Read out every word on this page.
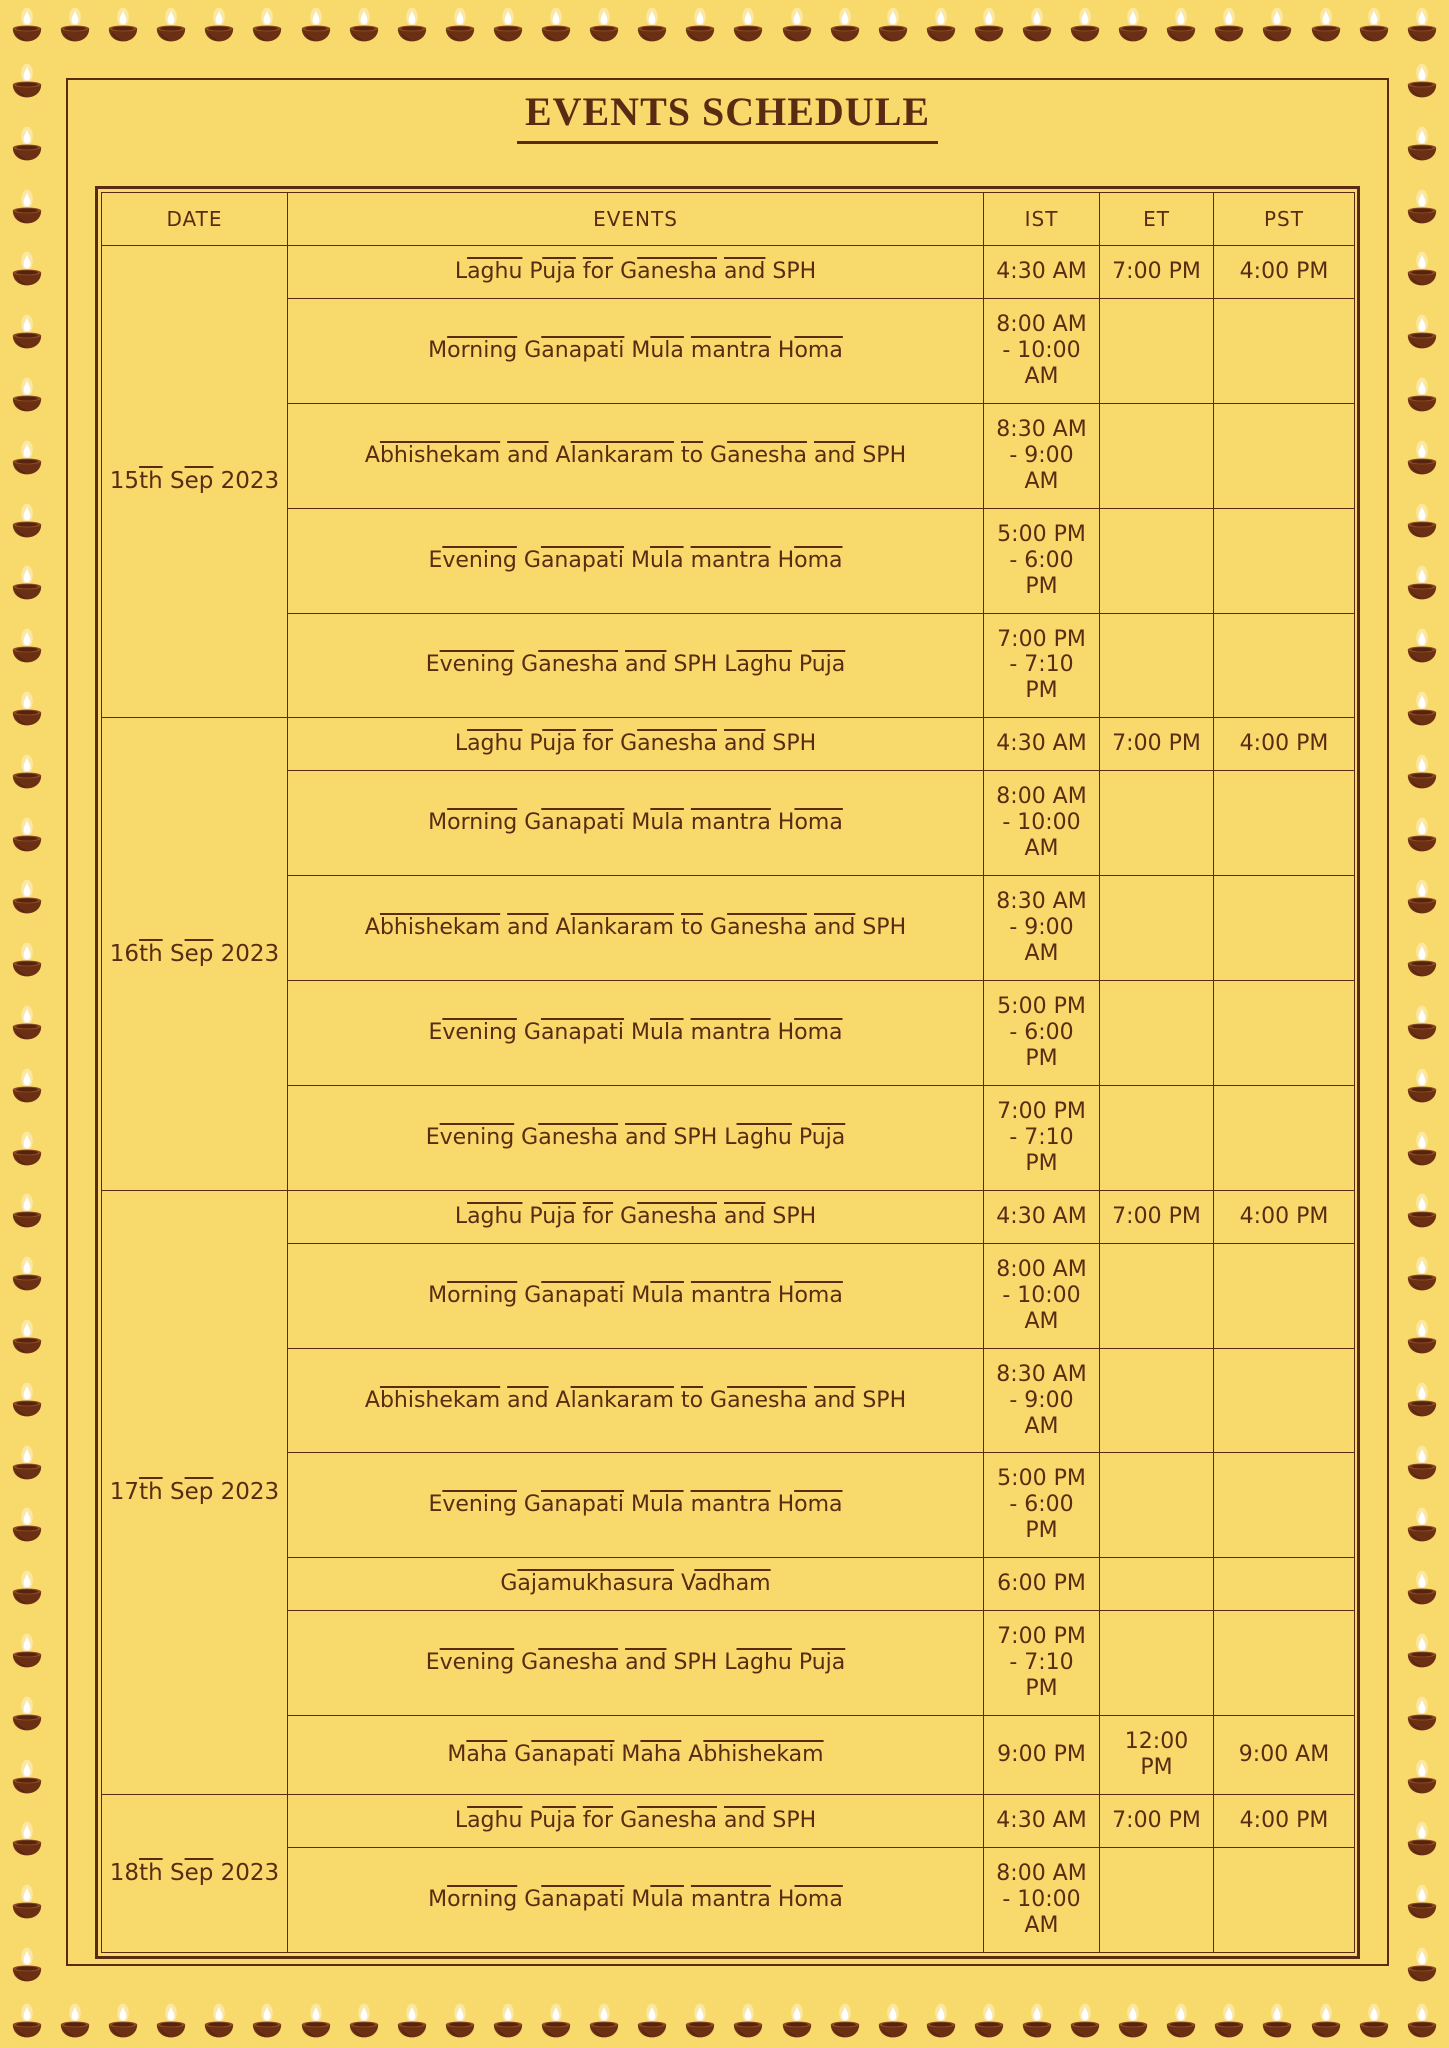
EVENTS SCHEDULE
DATE	EVENTS	IST	ET	PST
$15\overline{th}$ $S\overline{ep}$ 2023	Laghu $P\overline{uja}$ $\overline{for}$ Ganesha $\overline{and}$ SPH	4:30 AM	7:00 PM	4:00 PM
	Morning Ganapati $M\overline{ula}$ mantra $H\overline{oma}$	8:00 AM - 10:00 AM		
	Abhishekam $\overline{and}$ Alankaram $\overline{to}$ Ganesha $\overline{and}$ SPH	8:30 AM - 9:00 AM		
	Evening Ganapati $M\overline{ula}$ mantra $H\overline{oma}$	5:00 PM - 6:00 PM		
	Evening Ganesha $\overline{and}$ SPH Laghu $P\overline{uja}$	7:00 PM - 7:10 PM		
$16\overline{th}$ $S\overline{ep}$ 2023	Laghu $P\overline{uja}$ $\overline{for}$ Ganesha $\overline{and}$ SPH	4:30 AM	7:00 PM	4:00 PM
	Morning Ganapati $M\overline{ula}$ mantra $H\overline{oma}$	8:00 AM - 10:00 AM		
	Abhishekam $\overline{and}$ Alankaram $\overline{to}$ Ganesha $\overline{and}$ SPH	8:30 AM - 9:00 AM		
	Evening Ganapati $M\overline{ula}$ mantra $H\overline{oma}$	5:00 PM - 6:00 PM		
	Evening Ganesha $\overline{and}$ SPH Laghu $P\overline{uja}$	7:00 PM - 7:10 PM		
$17\overline{th}$ $S\overline{ep}$ 2023	Laghu $P\overline{uja}$ $\overline{for}$ Ganesha $\overline{and}$ SPH	4:30 AM	7:00 PM	4:00 PM
	Morning Ganapati $M\overline{ula}$ mantra $H\overline{oma}$	8:00 AM - 10:00 AM		
	Abhishekam $\overline{and}$ Alankaram $\overline{to}$ Ganesha $\overline{and}$ SPH	8:30 AM - 9:00 AM		
	Evening Ganapati $M\overline{ula}$ mantra $H\overline{oma}$	5:00 PM - 6:00 PM		
	Gajamukhasura Vadham	6:00 PM		
	Evening Ganesha $\overline{and}$ SPH Laghu $P\overline{uja}$	7:00 PM - 7:10 PM		
	$M\overline{aha}$ Ganapati $M\overline{aha}$ Abhishekam	9:00 PM	12:00 PM	9:00 AM
$18\overline{th}$ $S\overline{ep}$ 2023	Laghu $P\overline{uja}$ $\overline{for}$ Ganesha $\overline{and}$ SPH	4:30 AM	7:00 PM	4:00 PM
	Morning Ganapati $M\overline{ula}$ mantra $H\overline{oma}$	8:00 AM - 10:00 AM		
